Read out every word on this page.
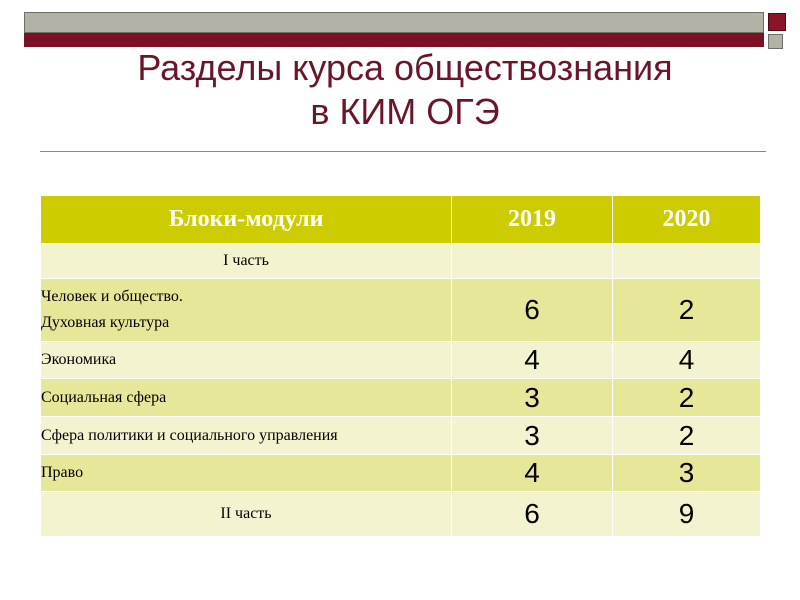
Разделы курса обществознания
в КИМ ОГЭ
Блоки-модули	2019	2020
I часть		

Человек и общество.
Духовная культура	6	2
Экономика	4	4
Социальная сфера	3	2
Сфера политики и социального управления	3	2
Право	4	3
II часть	6	9
